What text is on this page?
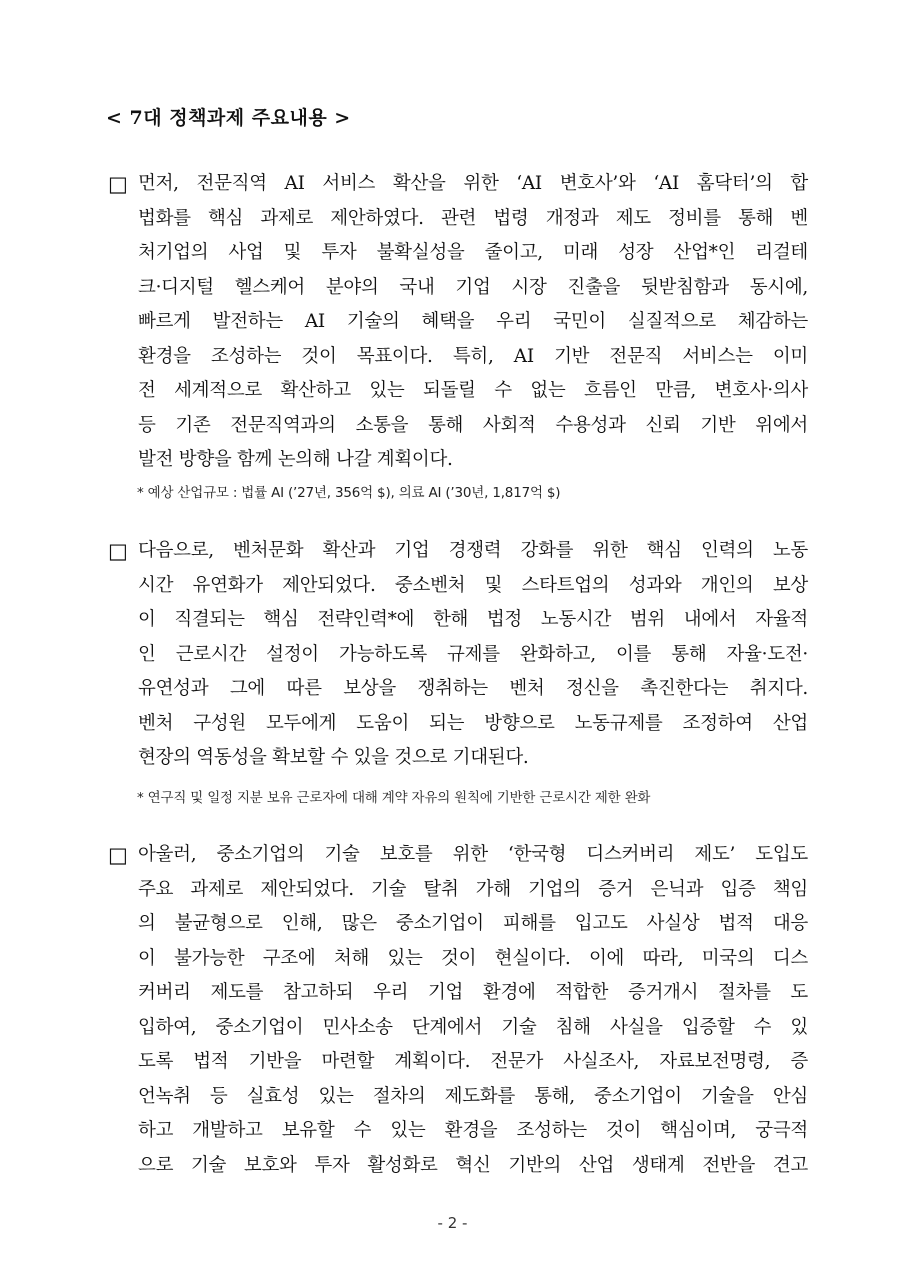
< 7대 정책과제 주요내용 >
□ 먼저, 전문직역 AI 서비스 확산을 위한 ‘AI 변호사’와 ‘AI 홈닥터’의 합
법화를 핵심 과제로 제안하였다. 관련 법령 개정과 제도 정비를 통해 벤
처기업의 사업 및 투자 불확실성을 줄이고, 미래 성장 산업*인 리걸테
크·디지털 헬스케어 분야의 국내 기업 시장 진출을 뒷받침함과 동시에,
빠르게 발전하는 AI 기술의 혜택을 우리 국민이 실질적으로 체감하는
환경을 조성하는 것이 목표이다. 특히, AI 기반 전문직 서비스는 이미
전 세계적으로 확산하고 있는 되돌릴 수 없는 흐름인 만큼, 변호사·의사
등 기존 전문직역과의 소통을 통해 사회적 수용성과 신뢰 기반 위에서
발전 방향을 함께 논의해 나갈 계획이다.
* 예상 산업규모 : 법률 AI (’27년, 356억 $), 의료 AI (’30년, 1,817억 $)
□ 다음으로, 벤처문화 확산과 기업 경쟁력 강화를 위한 핵심 인력의 노동
시간 유연화가 제안되었다. 중소벤처 및 스타트업의 성과와 개인의 보상
이 직결되는 핵심 전략인력*에 한해 법정 노동시간 범위 내에서 자율적
인 근로시간 설정이 가능하도록 규제를 완화하고, 이를 통해 자율·도전·
유연성과 그에 따른 보상을 쟁취하는 벤처 정신을 촉진한다는 취지다.
벤처 구성원 모두에게 도움이 되는 방향으로 노동규제를 조정하여 산업
현장의 역동성을 확보할 수 있을 것으로 기대된다.
* 연구직 및 일정 지분 보유 근로자에 대해 계약 자유의 원칙에 기반한 근로시간 제한 완화
□ 아울러, 중소기업의 기술 보호를 위한 ‘한국형 디스커버리 제도’ 도입도
주요 과제로 제안되었다. 기술 탈취 가해 기업의 증거 은닉과 입증 책임
의 불균형으로 인해, 많은 중소기업이 피해를 입고도 사실상 법적 대응
이 불가능한 구조에 처해 있는 것이 현실이다. 이에 따라, 미국의 디스
커버리 제도를 참고하되 우리 기업 환경에 적합한 증거개시 절차를 도
입하여, 중소기업이 민사소송 단계에서 기술 침해 사실을 입증할 수 있
도록 법적 기반을 마련할 계획이다. 전문가 사실조사, 자료보전명령, 증
언녹취 등 실효성 있는 절차의 제도화를 통해, 중소기업이 기술을 안심
하고 개발하고 보유할 수 있는 환경을 조성하는 것이 핵심이며, 궁극적
으로 기술 보호와 투자 활성화로 혁신 기반의 산업 생태계 전반을 견고
- 2 -
